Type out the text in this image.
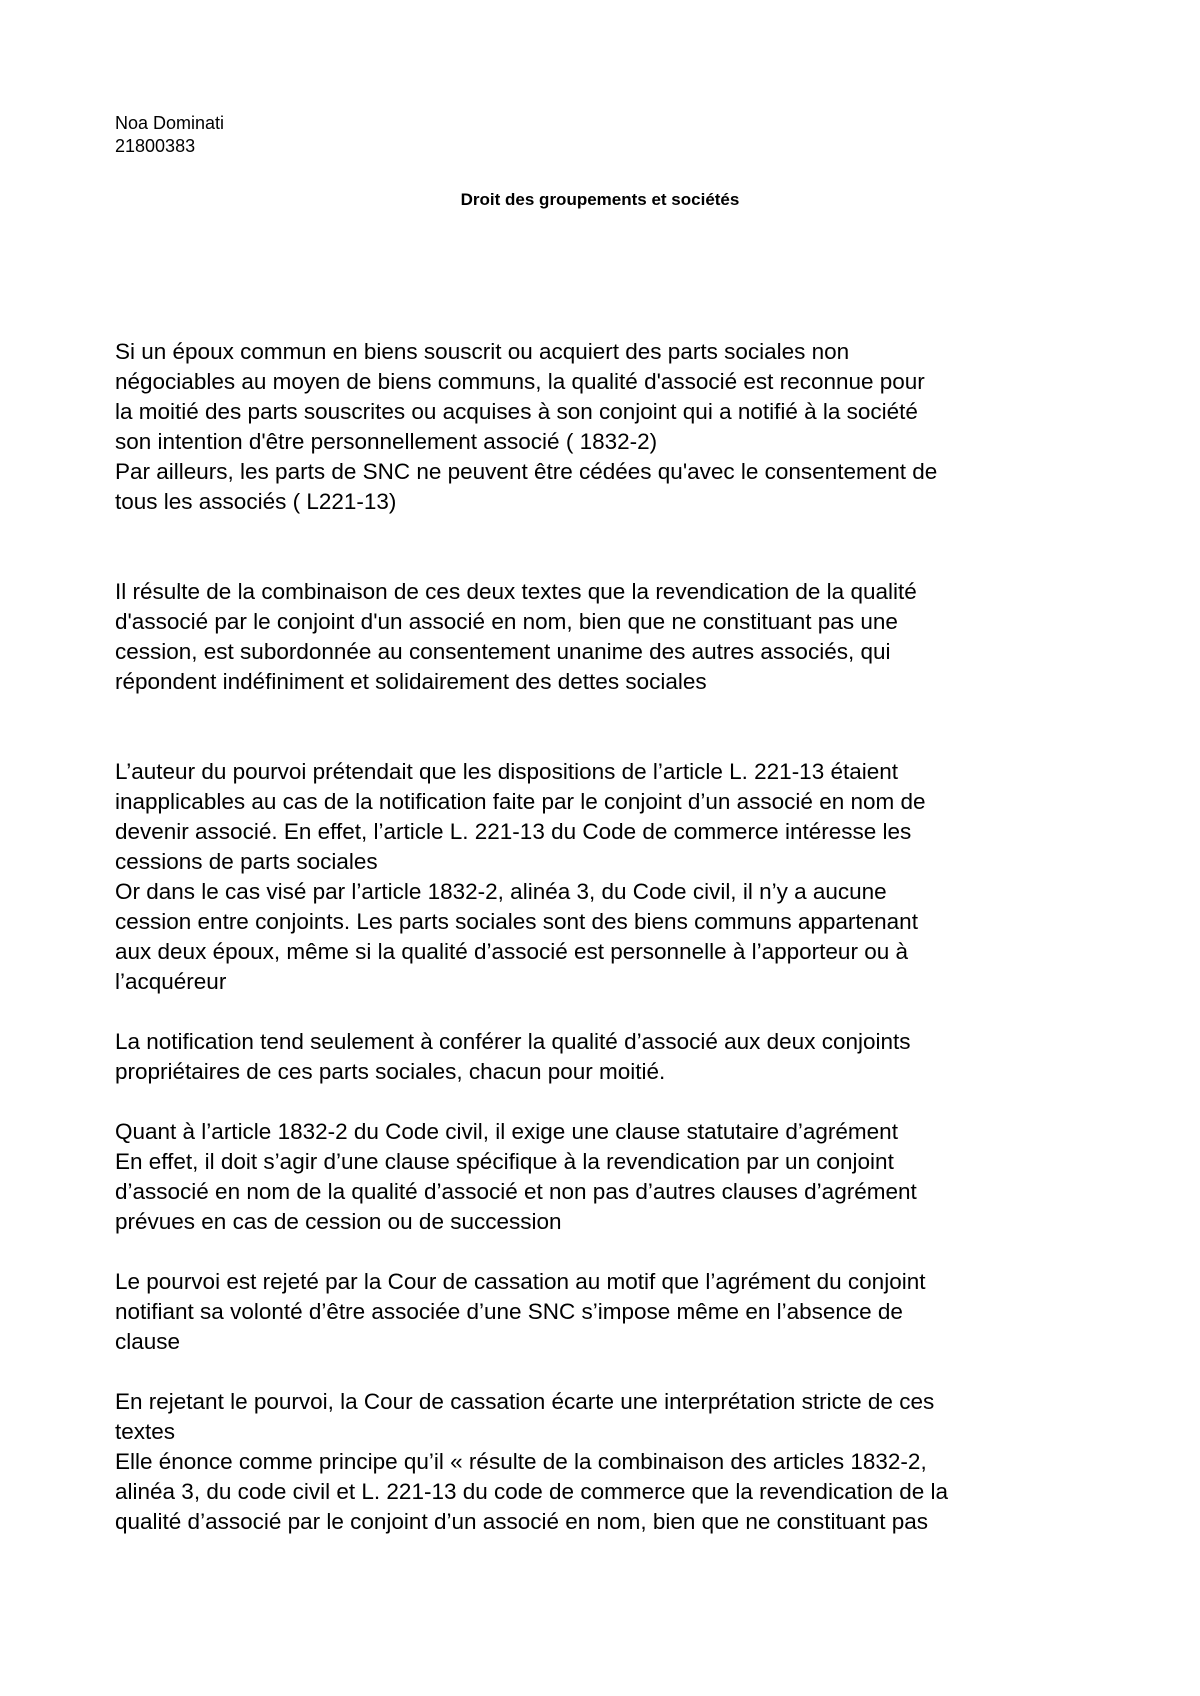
Noa Dominati
21800383
Droit des groupements et sociétés

Si un époux commun en biens souscrit ou acquiert des parts sociales non
négociables au moyen de biens communs, la qualité d'associé est reconnue pour
la moitié des parts souscrites ou acquises à son conjoint qui a notifié à la société
son intention d'être personnellement associé ( 1832-2)
Par ailleurs, les parts de SNC ne peuvent être cédées qu'avec le consentement de
tous les associés ( L221-13)

Il résulte de la combinaison de ces deux textes que la revendication de la qualité
d'associé par le conjoint d'un associé en nom, bien que ne constituant pas une
cession, est subordonnée au consentement unanime des autres associés, qui
répondent indéfiniment et solidairement des dettes sociales

L’auteur du pourvoi prétendait que les dispositions de l’article L. 221-13 étaient
inapplicables au cas de la notification faite par le conjoint d’un associé en nom de
devenir associé. En effet, l’article L. 221-13 du Code de commerce intéresse les
cessions de parts sociales
Or dans le cas visé par l’article 1832-2, alinéa 3, du Code civil, il n’y a aucune
cession entre conjoints. Les parts sociales sont des biens communs appartenant
aux deux époux, même si la qualité d’associé est personnelle à l’apporteur ou à
l’acquéreur

La notification tend seulement à conférer la qualité d’associé aux deux conjoints
propriétaires de ces parts sociales, chacun pour moitié.

Quant à l’article 1832-2 du Code civil, il exige une clause statutaire d’agrément
En effet, il doit s’agir d’une clause spécifique à la revendication par un conjoint
d’associé en nom de la qualité d’associé et non pas d’autres clauses d’agrément
prévues en cas de cession ou de succession

Le pourvoi est rejeté par la Cour de cassation au motif que l’agrément du conjoint
notifiant sa volonté d’être associée d’une SNC s’impose même en l’absence de
clause

En rejetant le pourvoi, la Cour de cassation écarte une interprétation stricte de ces
textes
Elle énonce comme principe qu’il « résulte de la combinaison des articles 1832-2,
alinéa 3, du code civil et L. 221-13 du code de commerce que la revendication de la
qualité d’associé par le conjoint d’un associé en nom, bien que ne constituant pas
